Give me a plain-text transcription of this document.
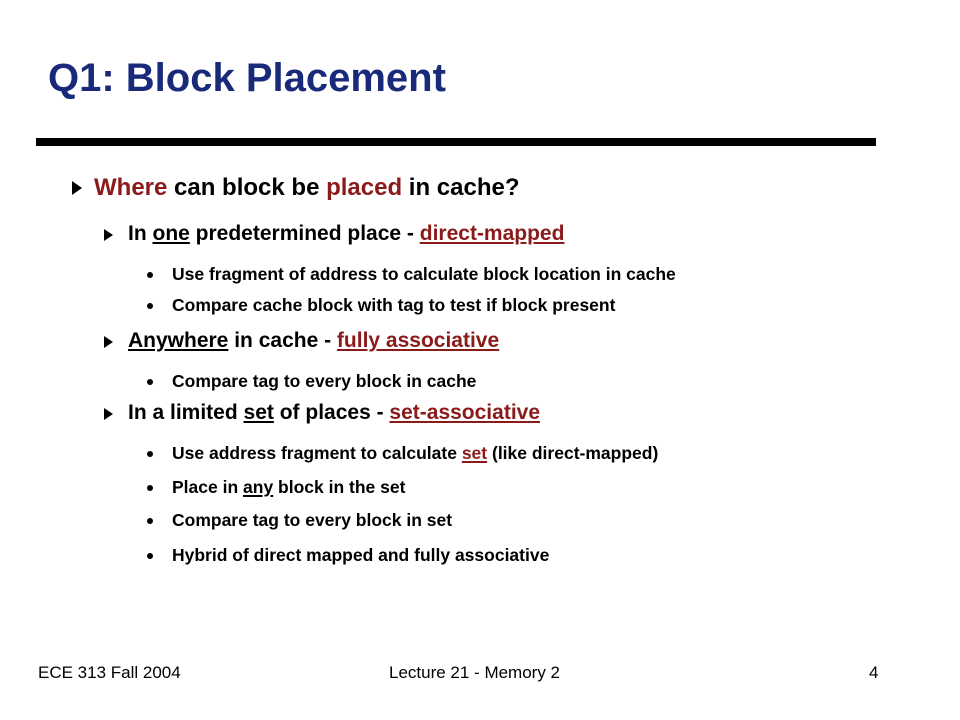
Q1: Block Placement
Where can block be placed in cache?
In one predetermined place - direct-mapped
Use fragment of address to calculate block location in cache
Compare cache block with tag to test if block present
Anywhere in cache - fully associative
Compare tag to every block in cache
In a limited set of places - set-associative
Use address fragment to calculate set (like direct-mapped)
Place in any block in the set
Compare tag to every block in set
Hybrid of direct mapped and fully associative
ECE 313 Fall 2004	Lecture 21 - Memory 2	4
